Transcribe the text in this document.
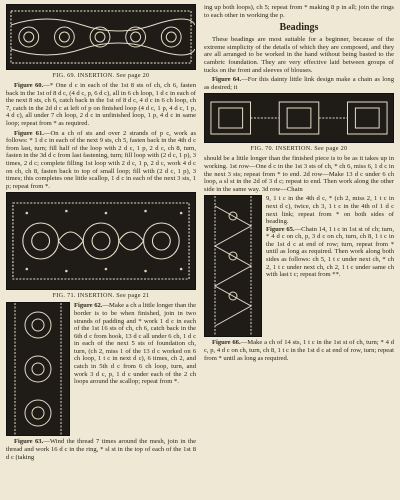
FIG. 69. INSERTION. See page 20

Figure 60.—* One d c in each of the 1st 8 sts of ch, ch 6, fasten back in the 1st of 8 d c, (4 d c, p, 6 d c), all in 6 ch loop, 1 d c in each of the next 8 sts, ch 6, catch back in the 1st of 8 d c, 4 d c in 6 ch loop, ch 7, catch in the 2d d c at left of p on finished loop (4 d c, 1 p, 4 d c, 1 p, 4 d c), all under 7 ch loop, 2 d c in unfinished loop, 1 p, 4 d c in same loop; repeat from * as required.

Figure 61.—On a ch of sts and over 2 strands of p c, work as follows: * 1 d c in each of the next 9 sts, ch 5, fasten back in the 4th d c from last, turn; fill half of the loop with 2 d c, 1 p, 2 d c, ch 8, turn, fasten in the 3d d c from last fastening, turn; fill loop with (2 d c, 1 p), 3 times, 2 d c; complete filling 1st loop with 2 d c, 1 p, 2 d c, work 4 d c on ch, ch 8, fasten back to top of small loop; fill with (2 d c, 1 p), 3 times; this completes one little scallop, 1 d c in each of the next 3 sts, 1 p; repeat from *.

FIG. 71. INSERTION. See page 21
Figure 62.—Make a ch a little longer than the border is to be when finished, join in two strands of padding and * work 1 d c in each of the 1st 16 sts of ch, ch 6, catch back in the 6th d c from hook, 13 d c all under 6 ch, 1 d c in each of the next 5 sts of foundation ch, turn, (ch 2, miss 1 of the 13 d c worked on 6 ch loop, 1 t c in next d c), 6 times, ch 2, and catch in 5th d c from 6 ch loop, turn, and work 3 d c, p, 1 d c under each of the 2 ch loops around the scallop; repeat from *.

Figure 63.—Wind the thread 7 times around the mesh, join in the thread and work 16 d c in the ring, * sl st in the top of each of the 1st 8 d c (taking

ing up both loops), ch 5; repeat from * making 8 p in all; join the rings to each other in working the p.

Beadings

These beadings are most suitable for a beginner, because of the extreme simplicity of the details of which they are composed, and they are all arranged to be worked in the hand without being basted to the cambric foundation. They are very effective laid between groups of tucks on the front and sleeves of blouses.

Figure 64.—For this dainty little link design make a chain as long as desired; it

FIG. 70. INSERTION. See page 20

should be a little longer than the finished piece is to be as it takes up in working. 1st row—One d c in the 1st 3 sts of ch, * ch 6, miss 6, 1 d c in the next 3 sts; repeat from * to end. 2d row—Make 13 d c under 6 ch loop, a sl st in the 2d of 3 d c; repeat to end. Then work along the other side in the same way. 3d row—Chain

9, 1 t c in the 4th d c, * (ch 2, miss 2, 1 t c in next d c), twice, ch 3, 1 t c in the 4th of 1 d c next link; repeat from * on both sides of beading.
Figure 65.—Chain 14, 1 t c in 1st st of ch; turn, * 4 d c on ch, p, 3 d c on ch, turn, ch 8, 1 t c in the 1st d c at end of row; turn, repeat from * until as long as required. Then work along both sides as follows: ch 5, 1 t c under next ch, * ch 2, 1 t c under next ch, ch 2, 1 t c under same ch with last t c; repeat from **.

Figure 66.—Make a ch of 14 sts, 1 t c in the 1st st of ch, turn; * 4 d c, p, 4 d c on ch, turn, ch 8, 1 t c in the 1st d c at end of row, turn; repeat from * until as long as required.
